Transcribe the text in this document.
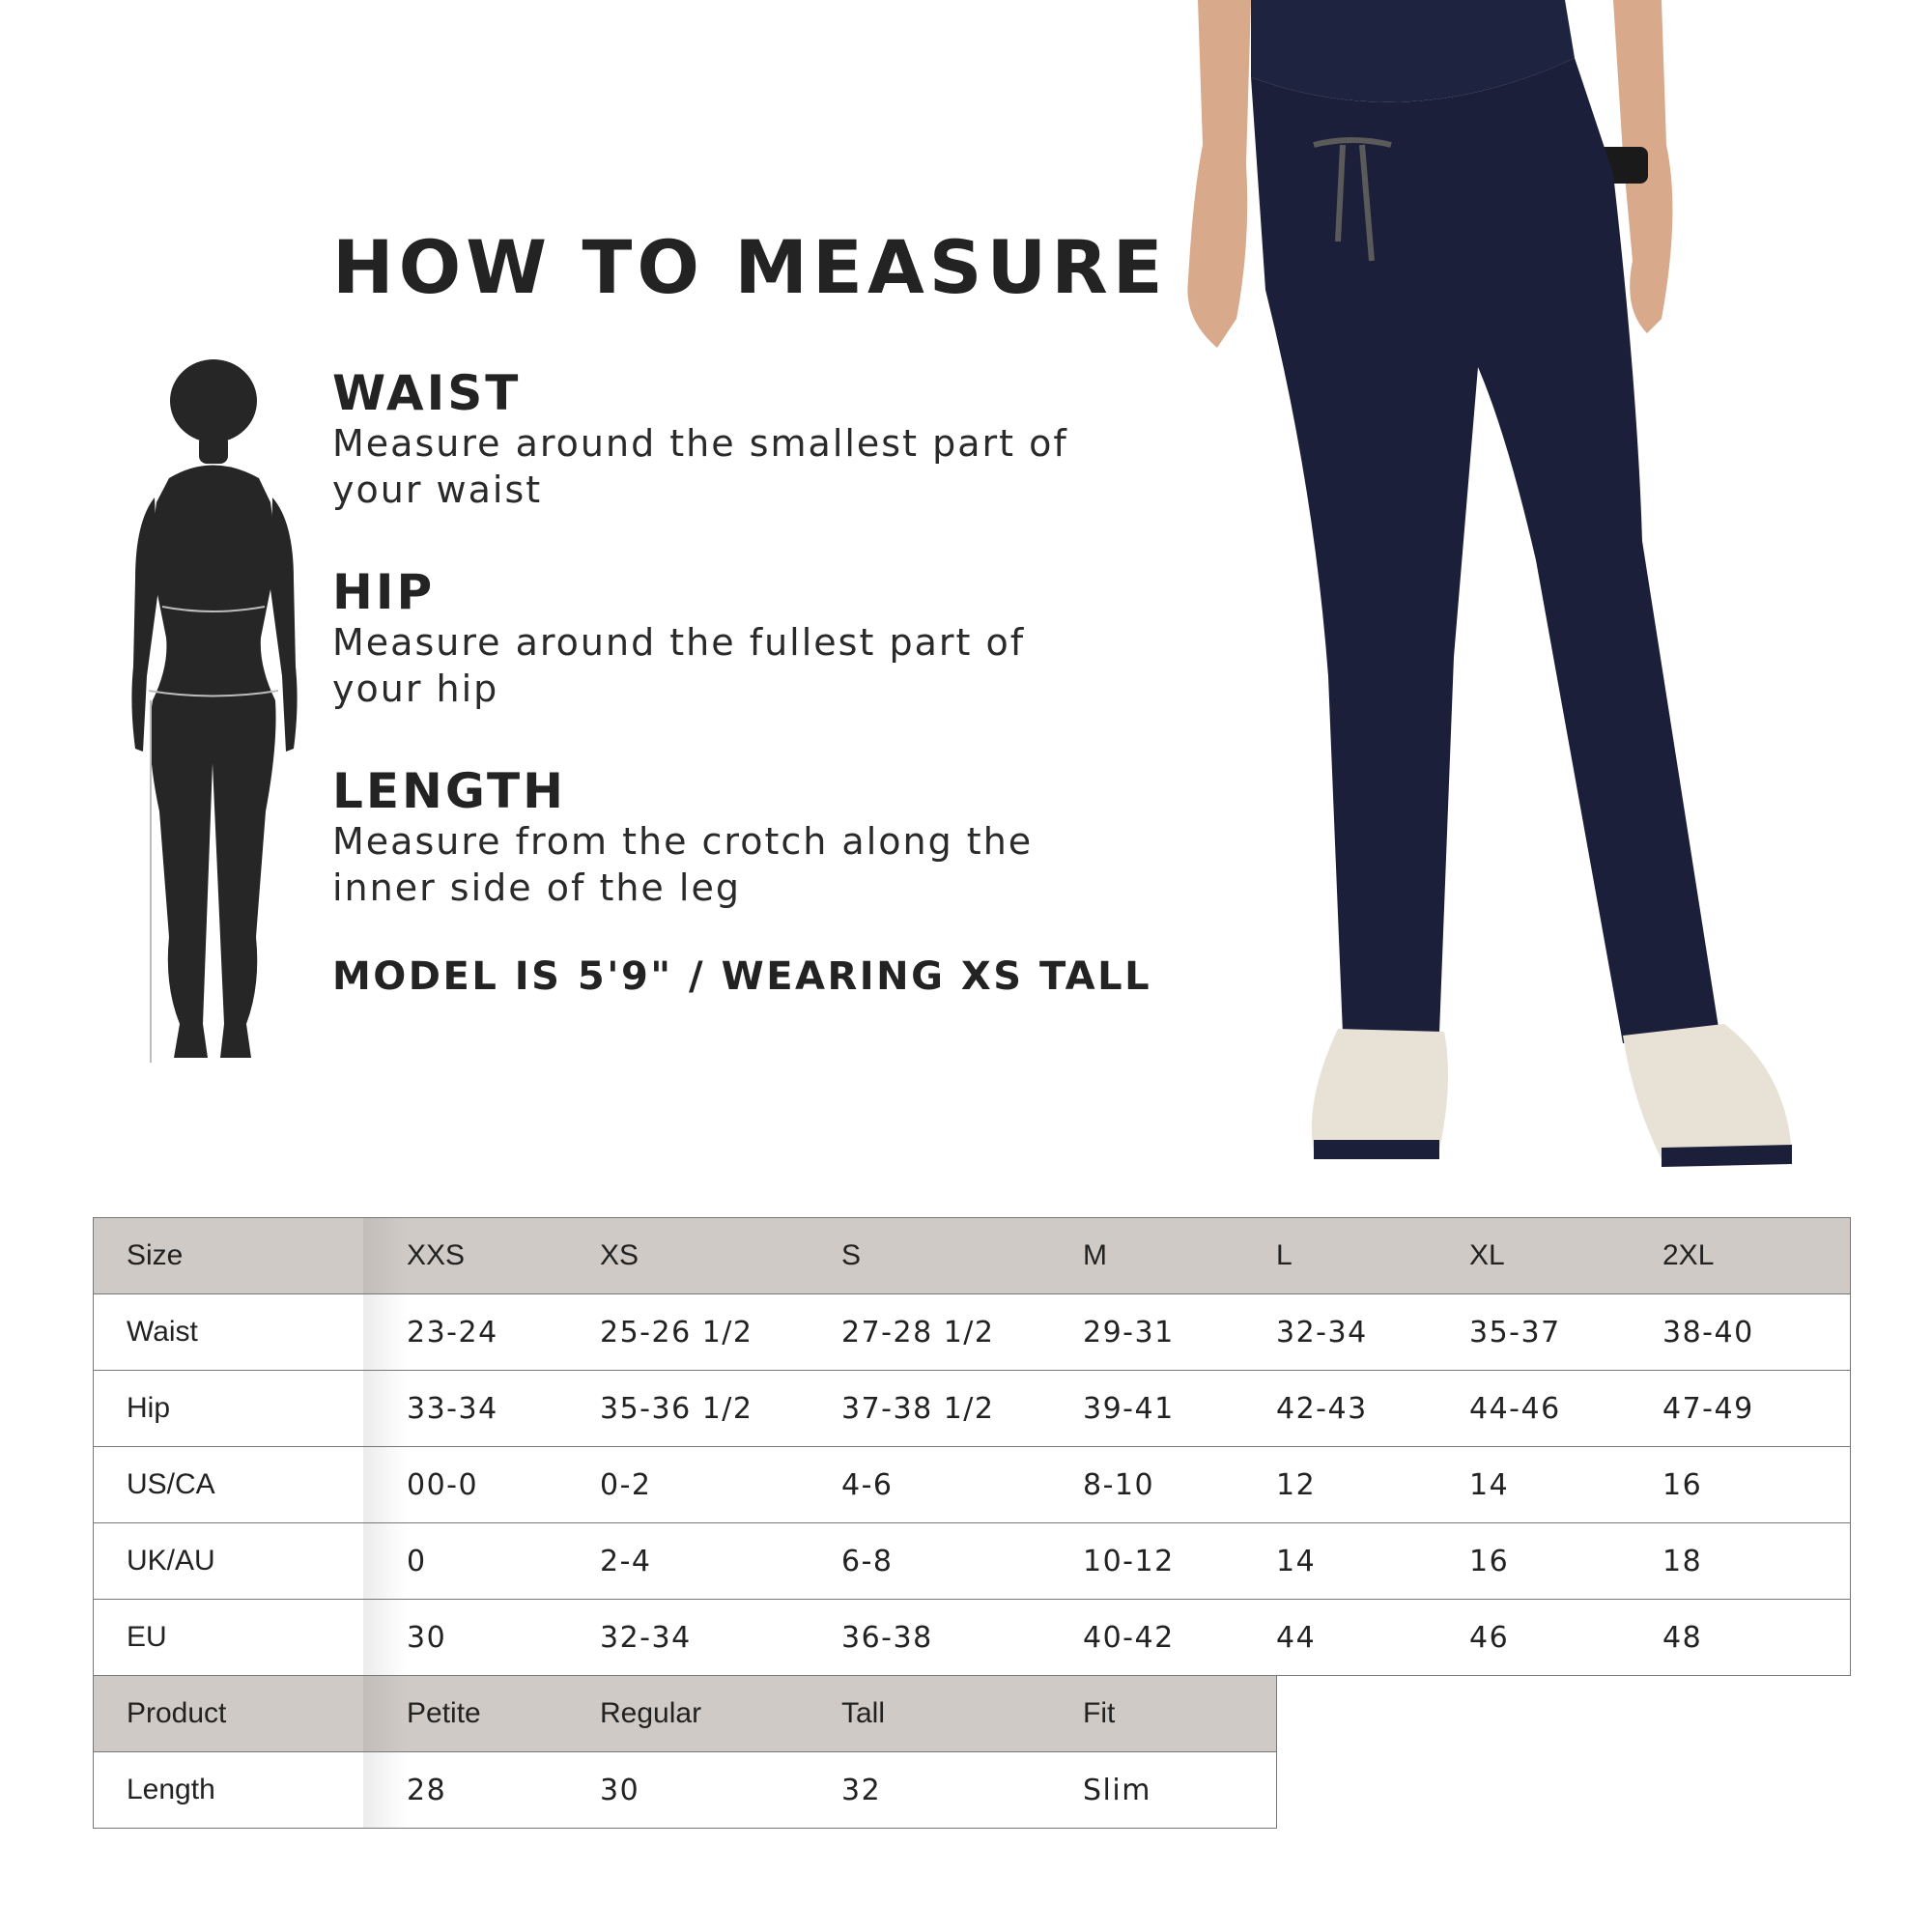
HOW TO MEASURE
WAIST

Measure around the smallest part of your waist

HIP

Measure around the fullest part of your hip

LENGTH

Measure from the crotch along the inner side of the leg

MODEL IS 5'9" / WEARING XS TALL

Size		XXS	XS	S	M	L	XL	2XL
Waist		23-24	25-26 1/2	27-28 1/2	29-31	32-34	35-37	38-40
Hip		33-34	35-36 1/2	37-38 1/2	39-41	42-43	44-46	47-49
US/CA		00-0	0-2	4-6	8-10	12	14	16
UK/AU		0	2-4	6-8	10-12	14	16	18
EU		30	32-34	36-38	40-42	44	46	48
Product		Petite	Regular	Tall	Fit			
Length		28	30	32	Slim			
